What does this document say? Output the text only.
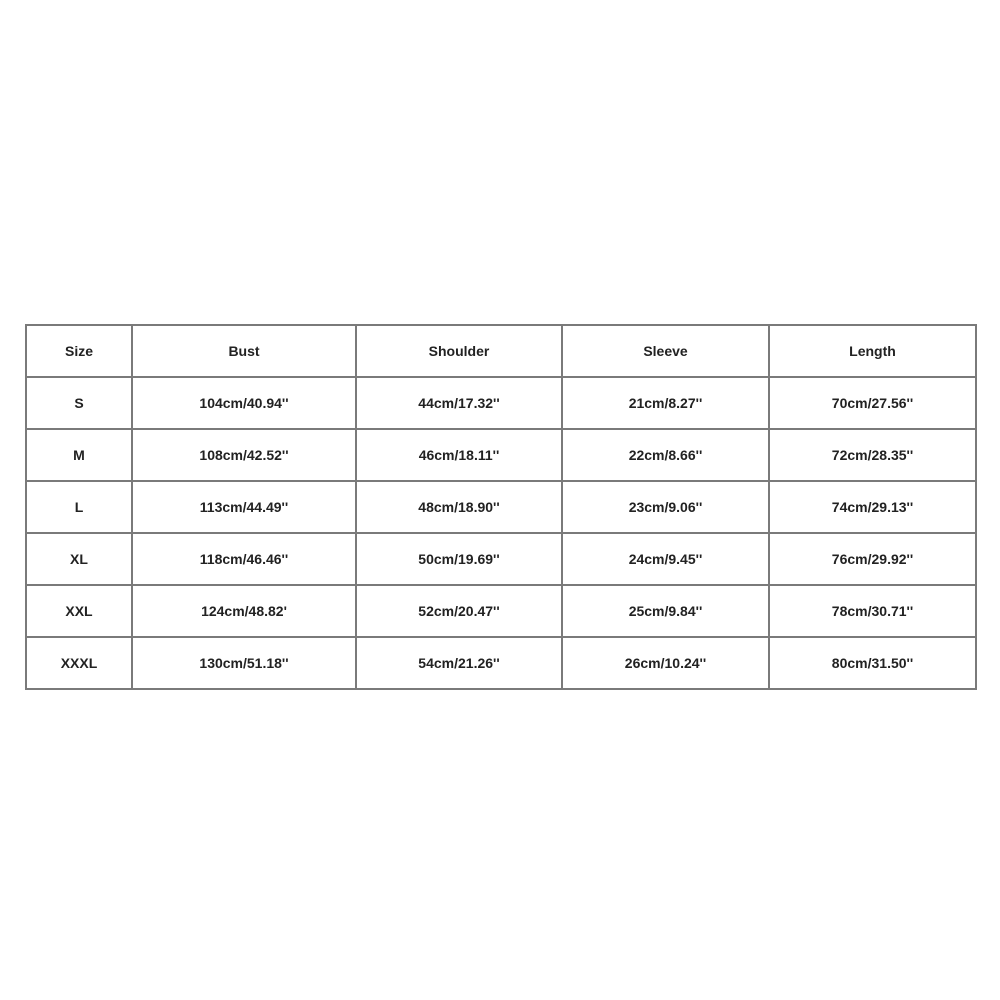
Size	Bust	Shoulder	Sleeve	Length
S	104cm/40.94''	44cm/17.32''	21cm/8.27''	70cm/27.56''
M	108cm/42.52''	46cm/18.11''	22cm/8.66''	72cm/28.35''
L	113cm/44.49''	48cm/18.90''	23cm/9.06''	74cm/29.13''
XL	118cm/46.46''	50cm/19.69''	24cm/9.45''	76cm/29.92''
XXL	124cm/48.82'	52cm/20.47''	25cm/9.84''	78cm/30.71''
XXXL	130cm/51.18''	54cm/21.26''	26cm/10.24''	80cm/31.50''
